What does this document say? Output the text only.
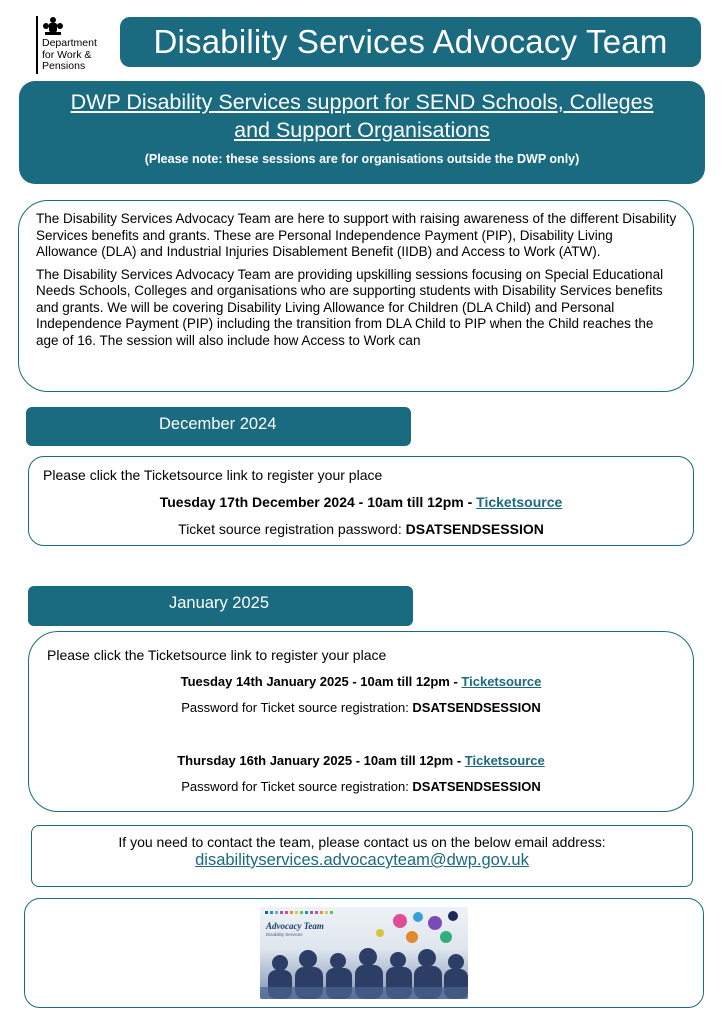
Department
for Work &
Pensions
Disability Services Advocacy Team
DWP Disability Services support for SEND Schools, Colleges and Support Organisations
(Please note: these sessions are for organisations outside the DWP only)

The Disability Services Advocacy Team are here to support with raising awareness of the different Disability Services benefits and grants. These are Personal Independence Payment (PIP), Disability Living Allowance (DLA) and Industrial Injuries Disablement Benefit (IIDB) and Access to Work (ATW).

The Disability Services Advocacy Team are providing upskilling sessions focusing on Special Educational Needs Schools, Colleges and organisations who are supporting students with Disability Services benefits and grants. We will be covering Disability Living Allowance for Children (DLA Child) and Personal Independence Payment (PIP) including the transition from DLA Child to PIP when the Child reaches the age of 16. The session will also include how Access to Work can

December 2024
Please click the Ticketsource link to register your place
Tuesday 17th December 2024 - 10am till 12pm - Ticketsource
Ticket source registration password: DSATSENDSESSION
January 2025
Please click the Ticketsource link to register your place
Tuesday 14th January 2025 - 10am till 12pm - Ticketsource
Password for Ticket source registration: DSATSENDSESSION
Thursday 16th January 2025 - 10am till 12pm - Ticketsource
Password for Ticket source registration: DSATSENDSESSION
If you need to contact the team, please contact us on the below email address:
disabilityservices.advocacyteam@dwp.gov.uk
Advocacy Team
Disability Services
